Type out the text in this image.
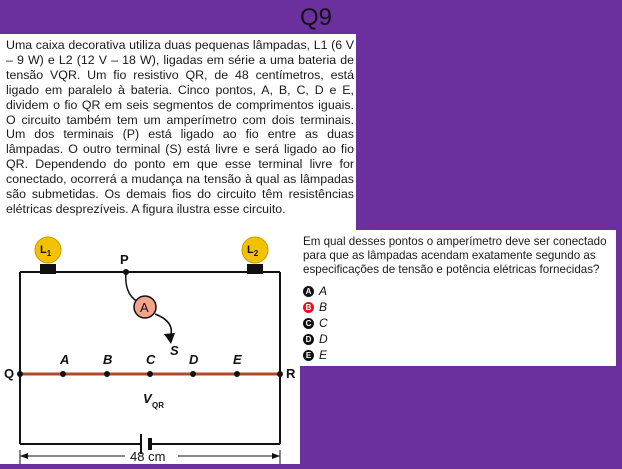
Q9
Uma caixa decorativa utiliza duas pequenas lâmpadas, L1 (6 V – 9 W) e L2 (12 V – 18 W), ligadas em série a uma bateria de tensão VQR. Um fio resistivo QR, de 48 centímetros, está ligado em paralelo à bateria. Cinco pontos, A, B, C, D e E, dividem o fio QR em seis segmentos de comprimentos iguais. O circuito também tem um amperímetro com dois terminais. Um dos terminais (P) está ligado ao fio entre as duas lâmpadas. O outro terminal (S) está livre e será ligado ao fio QR. Dependendo do ponto em que esse terminal livre for conectado, ocorrerá a mudança na tensão à qual as lâmpadas são submetidas. Os demais fios do circuito têm resistências elétricas desprezíveis. A figura ilustra esse circuito.
V QR
Q	R
A	B	C	D	E
$L_1$	$L_2$
P
A
S
48 cm
Em qual desses pontos o amperímetro deve ser conectado para que as lâmpadas acendam exatamente segundo as especificações de tensão e potência elétricas fornecidas?
A A
B B
C C
D D
E E
